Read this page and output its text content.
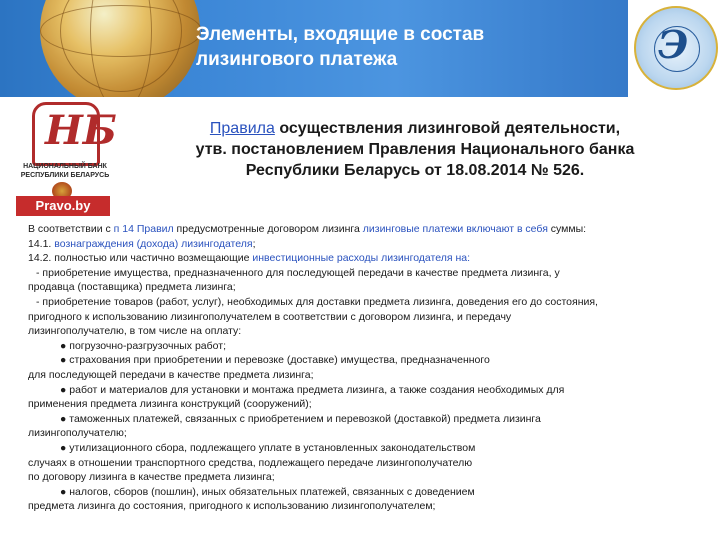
Элементы, входящие в состав
лизингового платежа	Э
НБ
НАЦИОНАЛЬНЫЙ БАНК
РЕСПУБЛИКИ БЕЛАРУСЬ
Pravo.by
Правила осуществления лизинговой деятельности,
утв. постановлением Правления Национального банка
Республики Беларусь от 18.08.2014 № 526.
В соответствии с п 14 Правил предусмотренные договором лизинга лизинговые платежи включают в себя суммы:
14.1. вознаграждения (дохода) лизингодателя;
14.2. полностью или частично возмещающие инвестиционные расходы лизингодателя на:
- приобретение имущества, предназначенного для последующей передачи в качестве предмета лизинга, у
продавца (поставщика) предмета лизинга;
- приобретение товаров (работ, услуг), необходимых для доставки предмета лизинга, доведения его до состояния,
пригодного к использованию лизингополучателем в соответствии с договором лизинга, и передачу
лизингополучателю, в том числе на оплату:
● погрузочно-разгрузочных работ;
● страхования при приобретении и перевозке (доставке) имущества, предназначенного
для последующей передачи в качестве предмета лизинга;
● работ и материалов для установки и монтажа предмета лизинга, а также создания необходимых для
применения предмета лизинга конструкций (сооружений);
● таможенных платежей, связанных с приобретением и перевозкой (доставкой) предмета лизинга
лизингополучателю;
● утилизационного сбора, подлежащего уплате в установленных законодательством
случаях в отношении транспортного средства, подлежащего передаче лизингополучателю
по договору лизинга в качестве предмета лизинга;
● налогов, сборов (пошлин), иных обязательных платежей, связанных с доведением
предмета лизинга до состояния, пригодного к использованию лизингополучателем;
